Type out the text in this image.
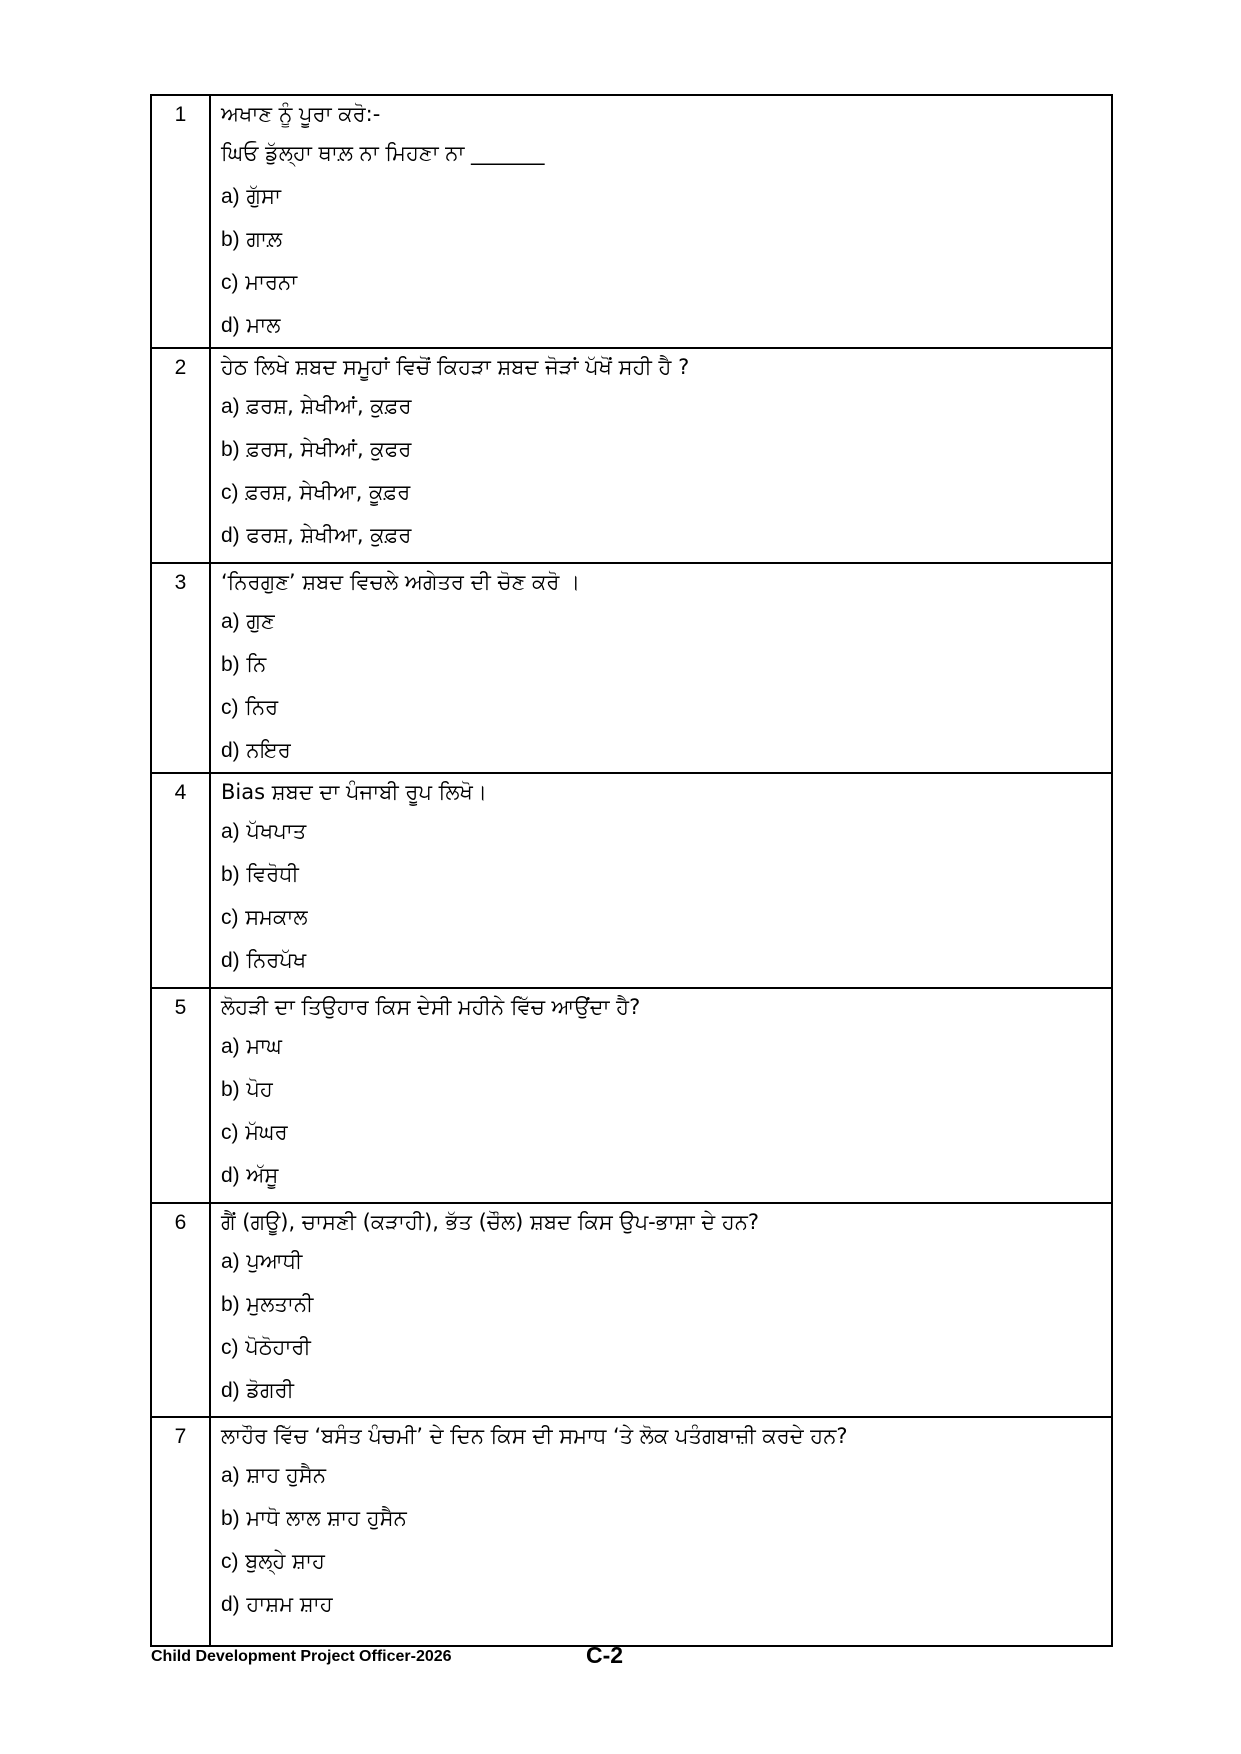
1	ਅਖਾਣ ਨੂੰ ਪੂਰਾ ਕਰੋ:-
ਘਿਓ ਡੁੱਲ੍ਹਾ ਥਾਲ਼ ਨਾ ਮਿਹਣਾ ਨਾ _______
a) ਗੁੱਸਾ
b) ਗਾਲ਼
c) ਮਾਰਨਾ
d) ਮਾਲ

2	ਹੇਠ ਲਿਖੇ ਸ਼ਬਦ ਸਮੂਹਾਂ ਵਿਚੋਂ ਕਿਹੜਾ ਸ਼ਬਦ ਜੋੜਾਂ ਪੱਖੋਂ ਸਹੀ ਹੈ ?
a) ਫ਼ਰਸ਼, ਸ਼ੇਖੀਆਂ, ਕੁਫ਼ਰ
b) ਫ਼ਰਸ, ਸੇਖੀਆਂ, ਕੁਫਰ
c) ਫ਼ਰਸ਼, ਸੇਖੀਆ, ਕੂਫ਼ਰ
d) ਫਰਸ਼, ਸ਼ੇਖੀਆ, ਕੁਫ਼ਰ

3	‘ਨਿਰਗੁਣ’ ਸ਼ਬਦ ਵਿਚਲੇ ਅਗੇਤਰ ਦੀ ਚੋਣ ਕਰੋ ।
a) ਗੁਣ
b) ਨਿ
c) ਨਿਰ
d) ਨਇਰ

4	Bias ਸ਼ਬਦ ਦਾ ਪੰਜਾਬੀ ਰੂਪ ਲਿਖੋ।
a) ਪੱਖਪਾਤ
b) ਵਿਰੋਧੀ
c) ਸਮਕਾਲ
d) ਨਿਰਪੱਖ

5	ਲੋਹੜੀ ਦਾ ਤਿਉਹਾਰ ਕਿਸ ਦੇਸੀ ਮਹੀਨੇ ਵਿੱਚ ਆਉਂਦਾ ਹੈ?
a) ਮਾਘ
b) ਪੋਹ
c) ਮੱਘਰ
d) ਅੱਸੂ

6	ਗੈਂ (ਗਊ), ਚਾਸਣੀ (ਕੜਾਹੀ), ਭੱਤ (ਚੌਲ) ਸ਼ਬਦ ਕਿਸ ਉਪ-ਭਾਸ਼ਾ ਦੇ ਹਨ?
a) ਪੁਆਧੀ
b) ਮੁਲਤਾਨੀ
c) ਪੋਠੋਹਾਰੀ
d) ਡੋਗਰੀ

7	ਲਾਹੌਰ ਵਿੱਚ ‘ਬਸੰਤ ਪੰਚਮੀ’ ਦੇ ਦਿਨ ਕਿਸ ਦੀ ਸਮਾਧ ‘ਤੇ ਲੋਕ ਪਤੰਗਬਾਜ਼ੀ ਕਰਦੇ ਹਨ?
a) ਸ਼ਾਹ ਹੁਸੈਨ
b) ਮਾਧੋ ਲਾਲ ਸ਼ਾਹ ਹੁਸੈਨ
c) ਬੁਲ੍ਹੇ ਸ਼ਾਹ
d) ਹਾਸ਼ਮ ਸ਼ਾਹ
Child Development Project Officer-2026	C-2
